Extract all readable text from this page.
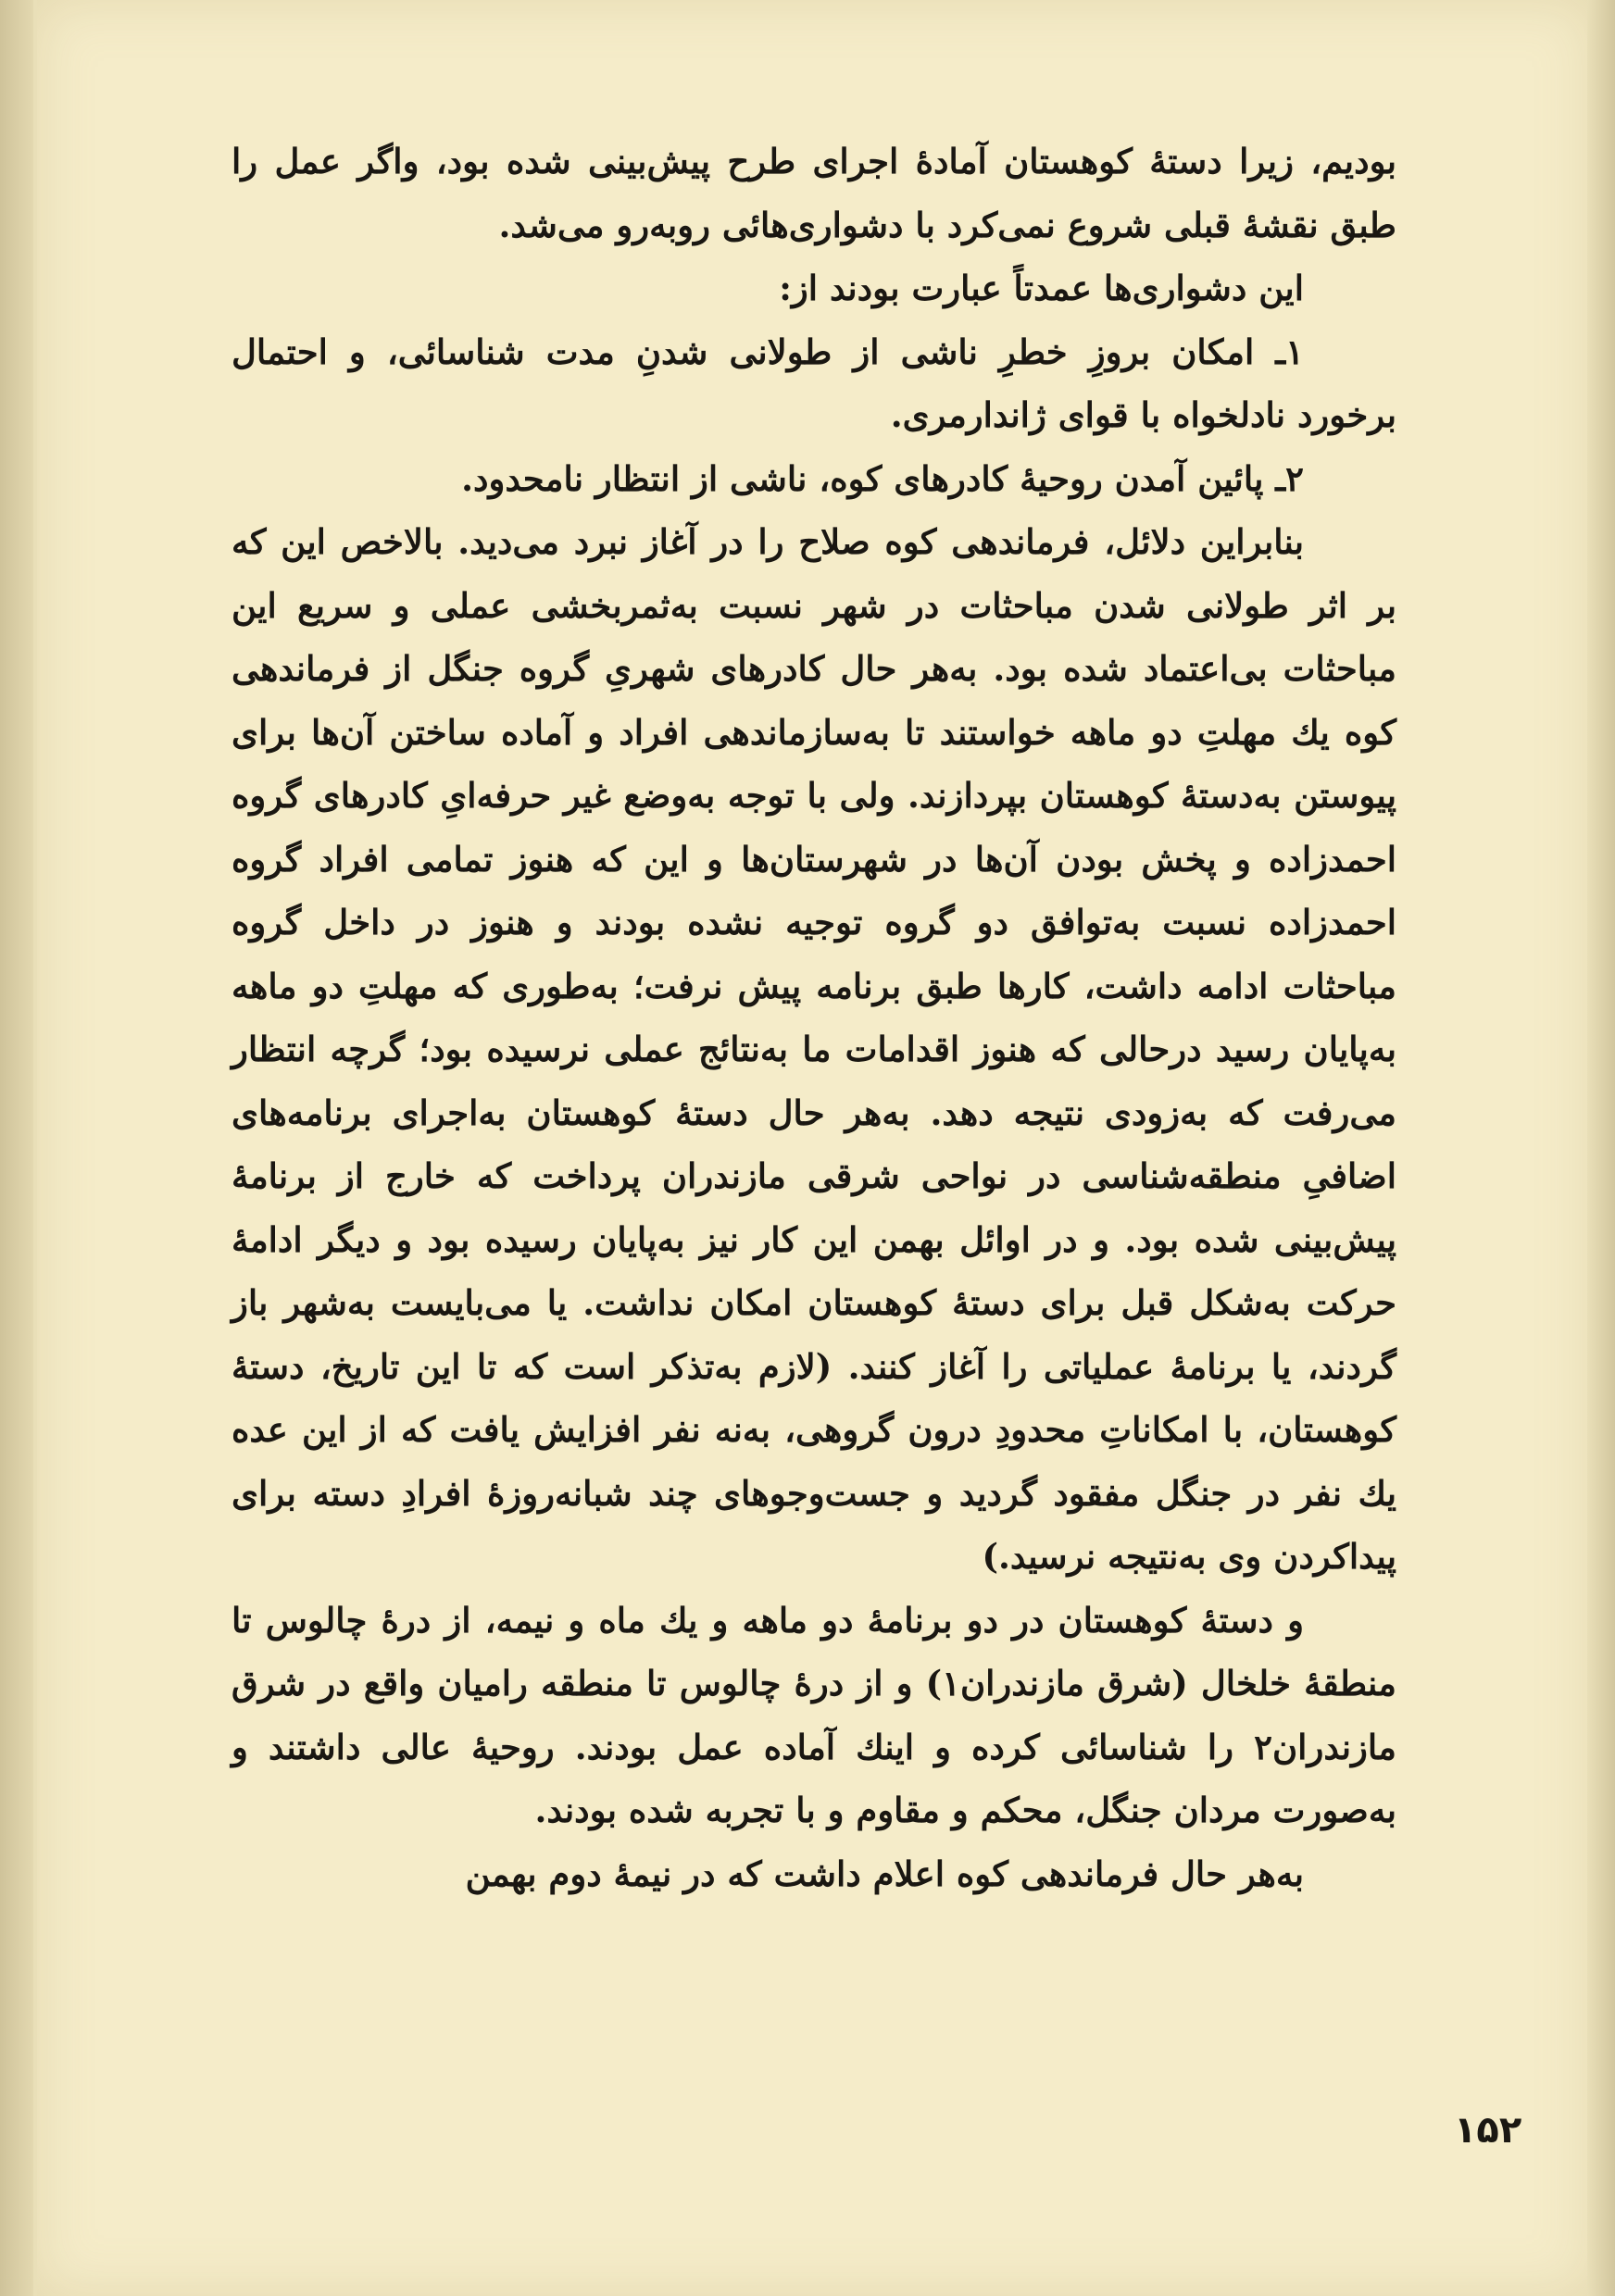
بودیم، زیرا دستهٔ کوهستان آمادهٔ اجرای طرح پیش‌بینی شده بود، واگر عمل را طبق نقشهٔ قبلی شروع نمی‌کرد با دشواری‌هائی روبه‌رو می‌شد.

این دشواری‌ها عمدتاً عبارت بودند از:

۱ـ امکان بروزِ خطرِ ناشی از طولانی شدنِ مدت شناسائی، و احتمال برخورد نادلخواه با قوای ژاندارمری.

۲ـ پائین آمدن روحیهٔ کادرهای کوه، ناشی از انتظار نامحدود.

بنابراین دلائل، فرماندهی کوه صلاح را در آغاز نبرد می‌دید. بالاخص این که بر اثر طولانی شدن مباحثات در شهر نسبت به‌ثمربخشی عملی و سریع این مباحثات بی‌اعتماد شده بود. به‌هر حال کادرهای شهریِ گروه جنگل از فرماندهی کوه یك مهلتِ دو ماهه خواستند تا به‌سازماندهی افراد و آماده ساختن آن‌ها برای پیوستن به‌دستهٔ کوهستان بپردازند. ولی با توجه به‌وضع غیر حرفه‌ایِ کادرهای گروه احمدزاده و پخش بودن آن‌ها در شهرستان‌ها و این که هنوز تمامی افراد گروه احمدزاده نسبت به‌توافق دو گروه توجیه نشده بودند و هنوز در داخل گروه مباحثات ادامه داشت، کارها طبق برنامه پیش نرفت؛ به‌طوری که مهلتِ دو ماهه به‌پایان رسید درحالی که هنوز اقدامات ما به‌نتائج عملی نرسیده بود؛ گرچه انتظار می‌رفت که به‌زودی نتیجه دهد. به‌هر حال دستهٔ کوهستان به‌اجرای برنامه‌های اضافیِ منطقه‌شناسی در نواحی شرقی مازندران پرداخت که خارج از برنامهٔ پیش‌بینی شده بود. و در اوائل بهمن این کار نیز به‌پایان رسیده بود و دیگر ادامهٔ حرکت به‌شکل قبل برای دستهٔ کوهستان امکان نداشت. یا می‌بایست به‌شهر باز گردند، یا برنامهٔ عملیاتی را آغاز کنند. (لازم به‌تذکر است که تا این تاریخ، دستهٔ کوهستان، با امکاناتِ محدودِ درون گروهی، به‌نه نفر افزایش یافت که از این عده یك نفر در جنگل مفقود گردید و جست‌وجوهای چند شبانه‌روزهٔ افرادِ دسته برای پیداکردن وی به‌نتیجه نرسید.)

و دستهٔ کوهستان در دو برنامهٔ دو ماهه و یك ماه و نیمه، از درهٔ چالوس تا منطقهٔ خلخال (شرق مازندران۱) و از درهٔ چالوس تا منطقه رامیان واقع در شرق مازندران۲ را شناسائی کرده و اینك آماده عمل بودند. روحیهٔ عالی داشتند و به‌صورت مردان جنگل، محکم و مقاوم و با تجربه شده بودند.

به‌هر حال فرماندهی کوه اعلام داشت که در نیمهٔ دوم بهمن

۱۵۲
